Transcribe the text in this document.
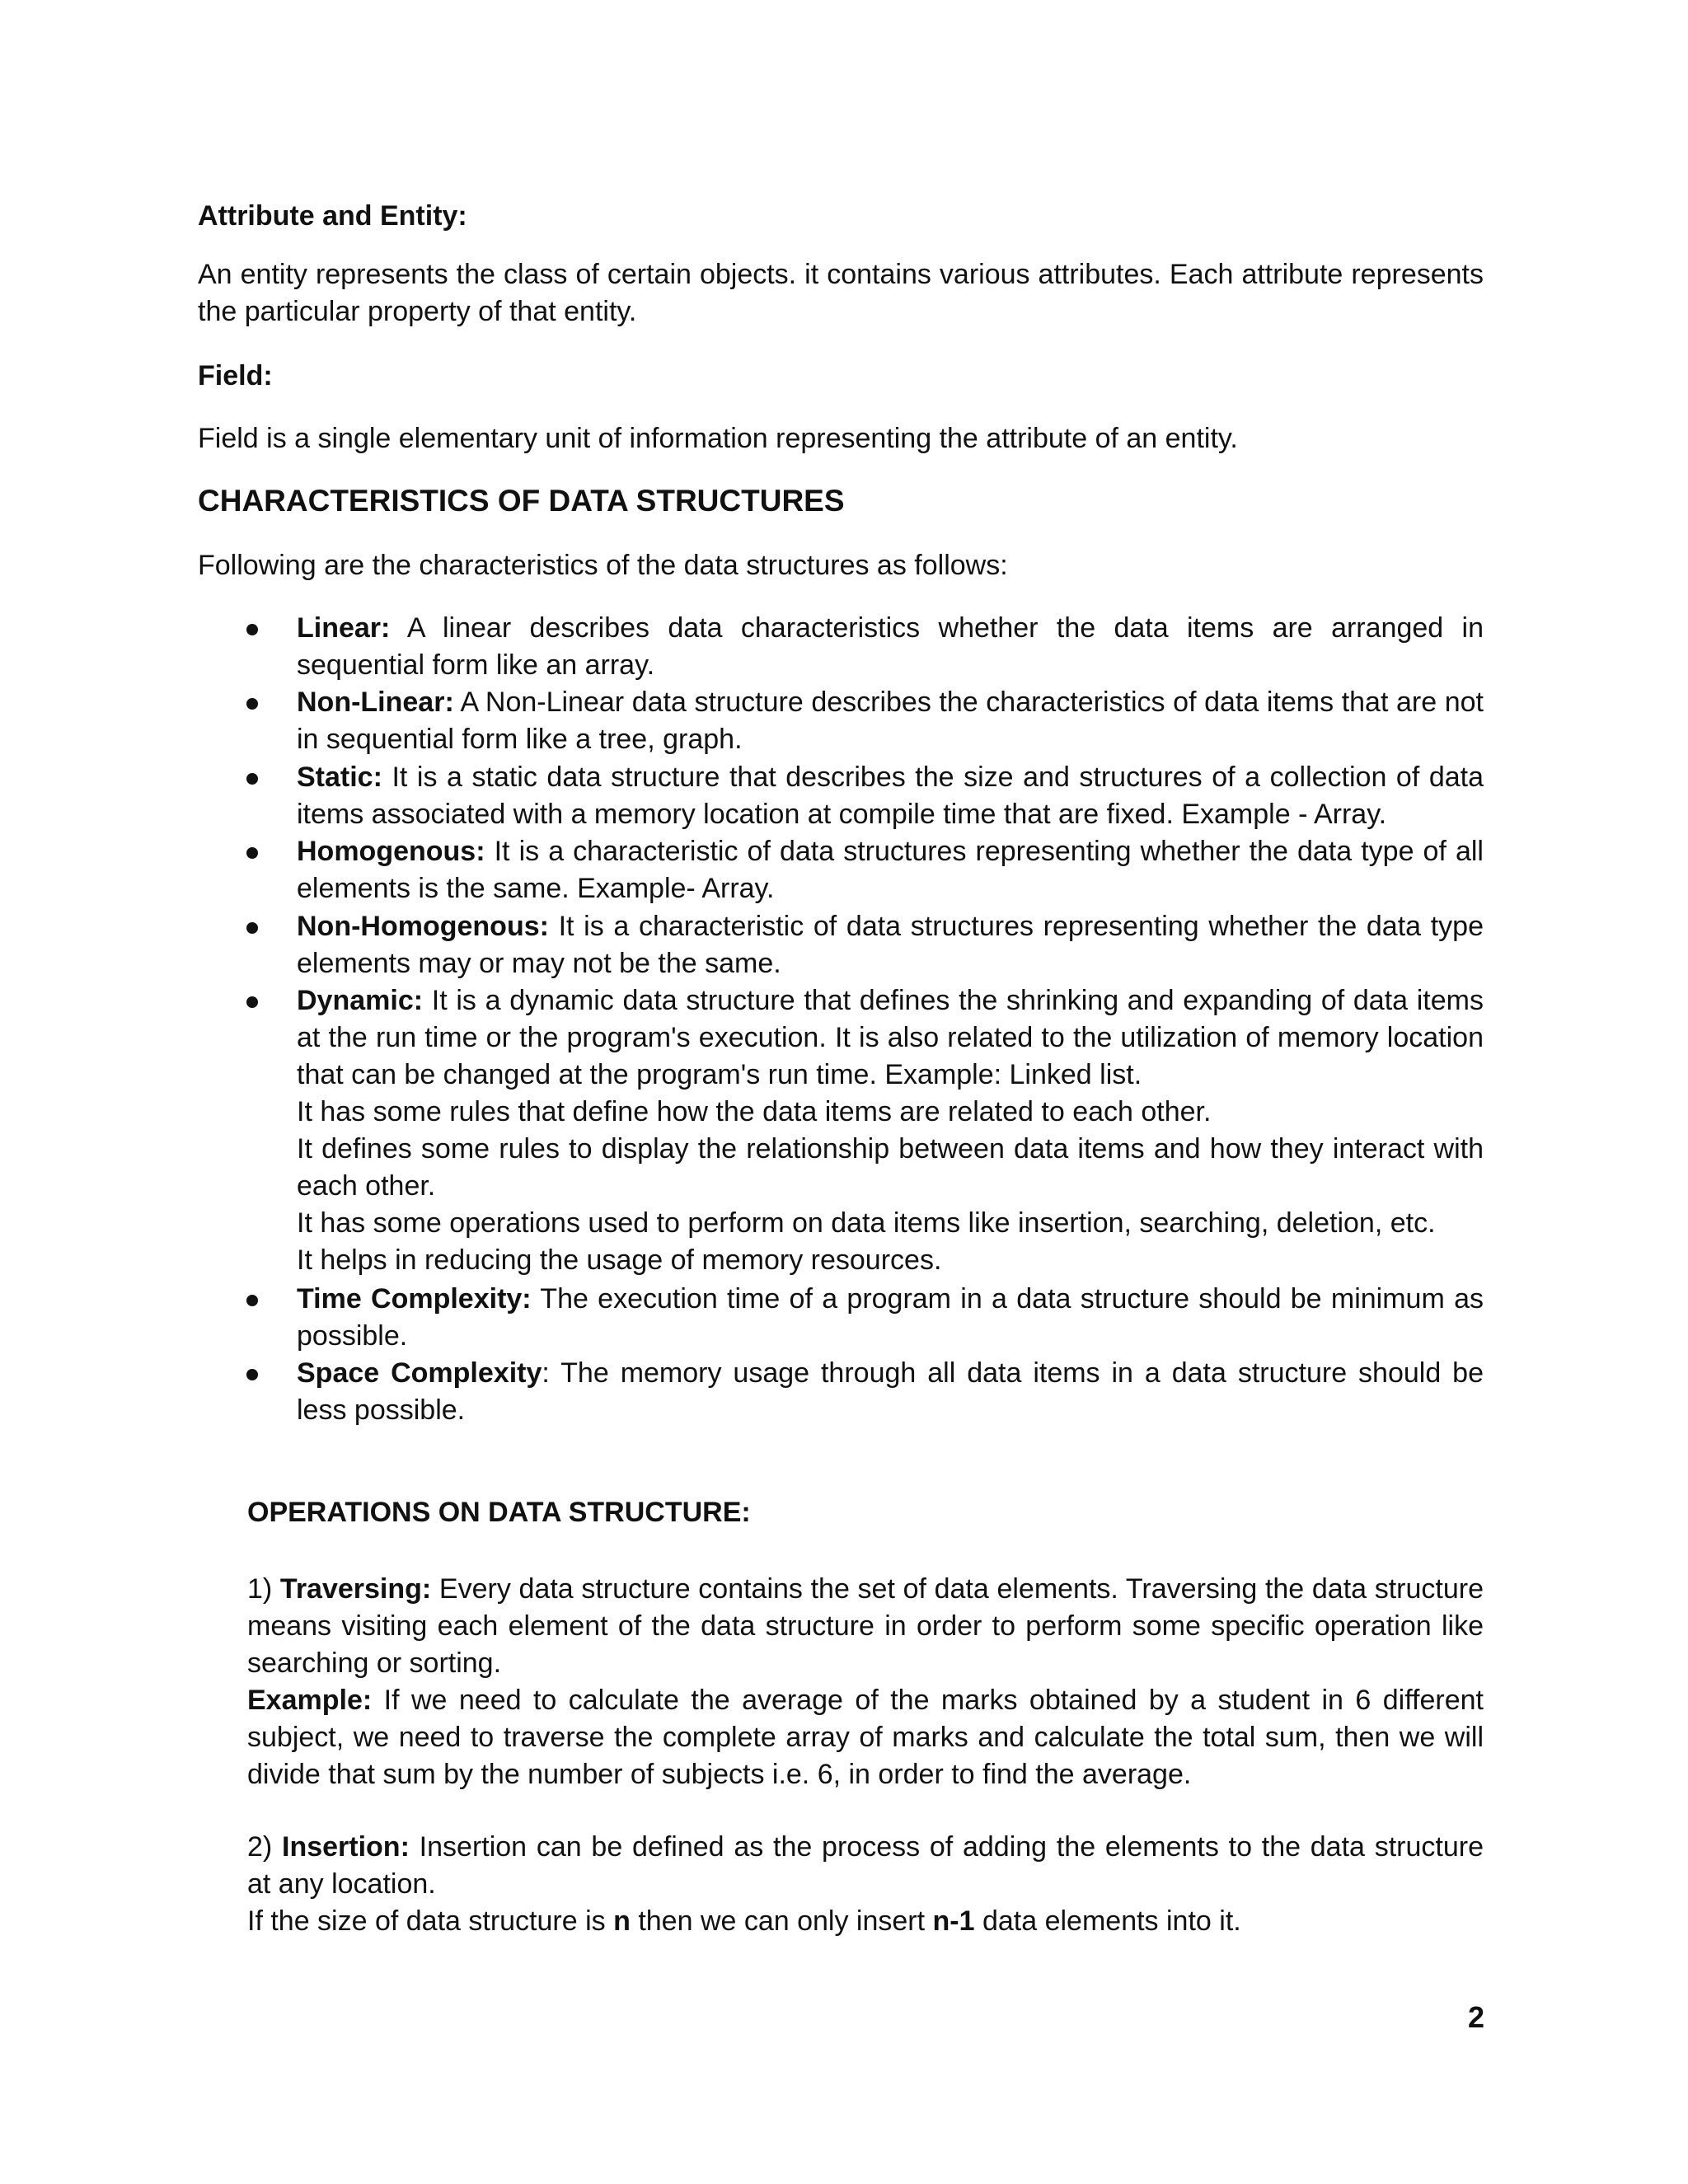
Attribute and Entity:
An entity represents the class of certain objects. it contains various attributes. Each attribute represents the particular property of that entity.
Field:
Field is a single elementary unit of information representing the attribute of an entity.
CHARACTERISTICS OF DATA STRUCTURES
Following are the characteristics of the data structures as follows:
Linear: A linear describes data characteristics whether the data items are arranged in sequential form like an array.
Non-Linear: A Non-Linear data structure describes the characteristics of data items that are not in sequential form like a tree, graph.
Static: It is a static data structure that describes the size and structures of a collection of data items associated with a memory location at compile time that are fixed. Example - Array.
Homogenous: It is a characteristic of data structures representing whether the data type of all elements is the same. Example- Array.
Non-Homogenous: It is a characteristic of data structures representing whether the data type elements may or may not be the same.
Dynamic: It is a dynamic data structure that defines the shrinking and expanding of data items at the run time or the program's execution. It is also related to the utilization of memory location that can be changed at the program's run time. Example: Linked list.
It has some rules that define how the data items are related to each other.
It defines some rules to display the relationship between data items and how they interact with each other.
It has some operations used to perform on data items like insertion, searching, deletion, etc.
It helps in reducing the usage of memory resources.
Time Complexity: The execution time of a program in a data structure should be minimum as possible.
Space Complexity: The memory usage through all data items in a data structure should be less possible.
OPERATIONS ON DATA STRUCTURE:
1) Traversing: Every data structure contains the set of data elements. Traversing the data structure means visiting each element of the data structure in order to perform some specific operation like searching or sorting.
Example: If we need to calculate the average of the marks obtained by a student in 6 different subject, we need to traverse the complete array of marks and calculate the total sum, then we will divide that sum by the number of subjects i.e. 6, in order to find the average.
2) Insertion: Insertion can be defined as the process of adding the elements to the data structure at any location.
If the size of data structure is n then we can only insert n-1 data elements into it.
2
